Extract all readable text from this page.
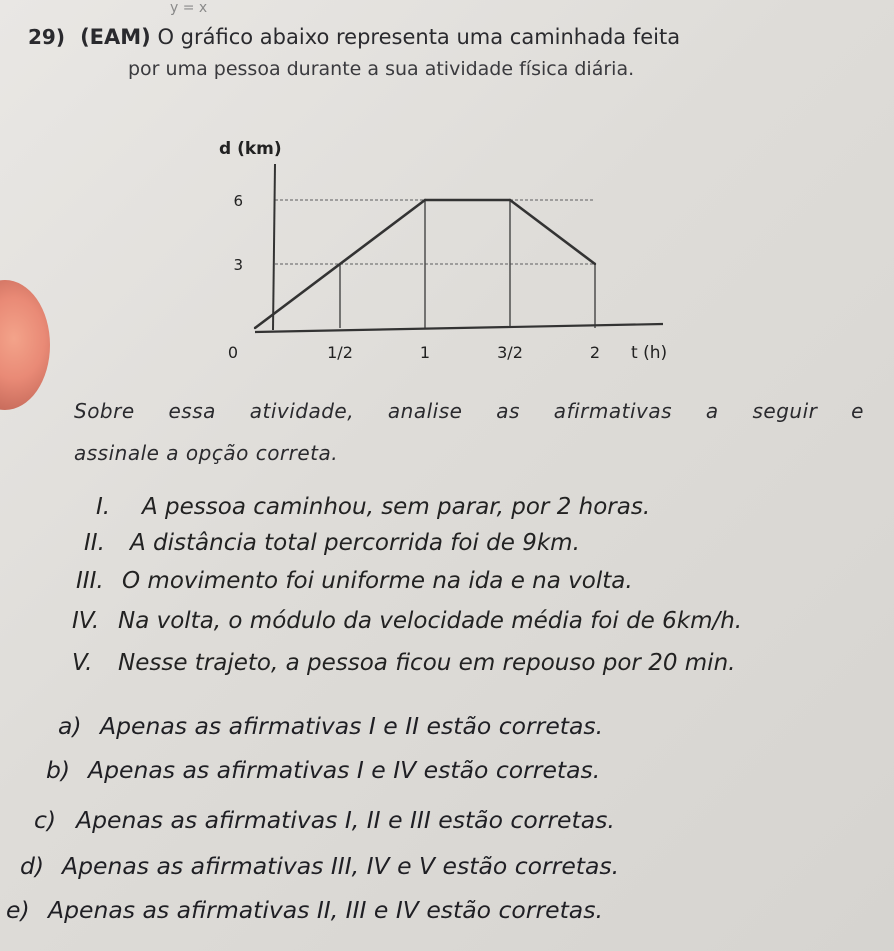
y = x
29) (EAM) O gráfico abaixo representa uma caminhada feita
por uma pessoa durante a sua atividade física diária.
0	1/2	1	3/2	2
3
6
d (km)
t (h)
Sobre essa atividade, analise as afirmativas a seguir e
assinale a opção correta.
I. A pessoa caminhou, sem parar, por 2 horas.
II. A distância total percorrida foi de 9km.
III. O movimento foi uniforme na ida e na volta.
IV. Na volta, o módulo da velocidade média foi de 6km/h.
V. Nesse trajeto, a pessoa ficou em repouso por 20 min.
a) Apenas as afirmativas I e II estão corretas.
b) Apenas as afirmativas I e IV estão corretas.
c) Apenas as afirmativas I, II e III estão corretas.
d) Apenas as afirmativas III, IV e V estão corretas.
e) Apenas as afirmativas II, III e IV estão corretas.
